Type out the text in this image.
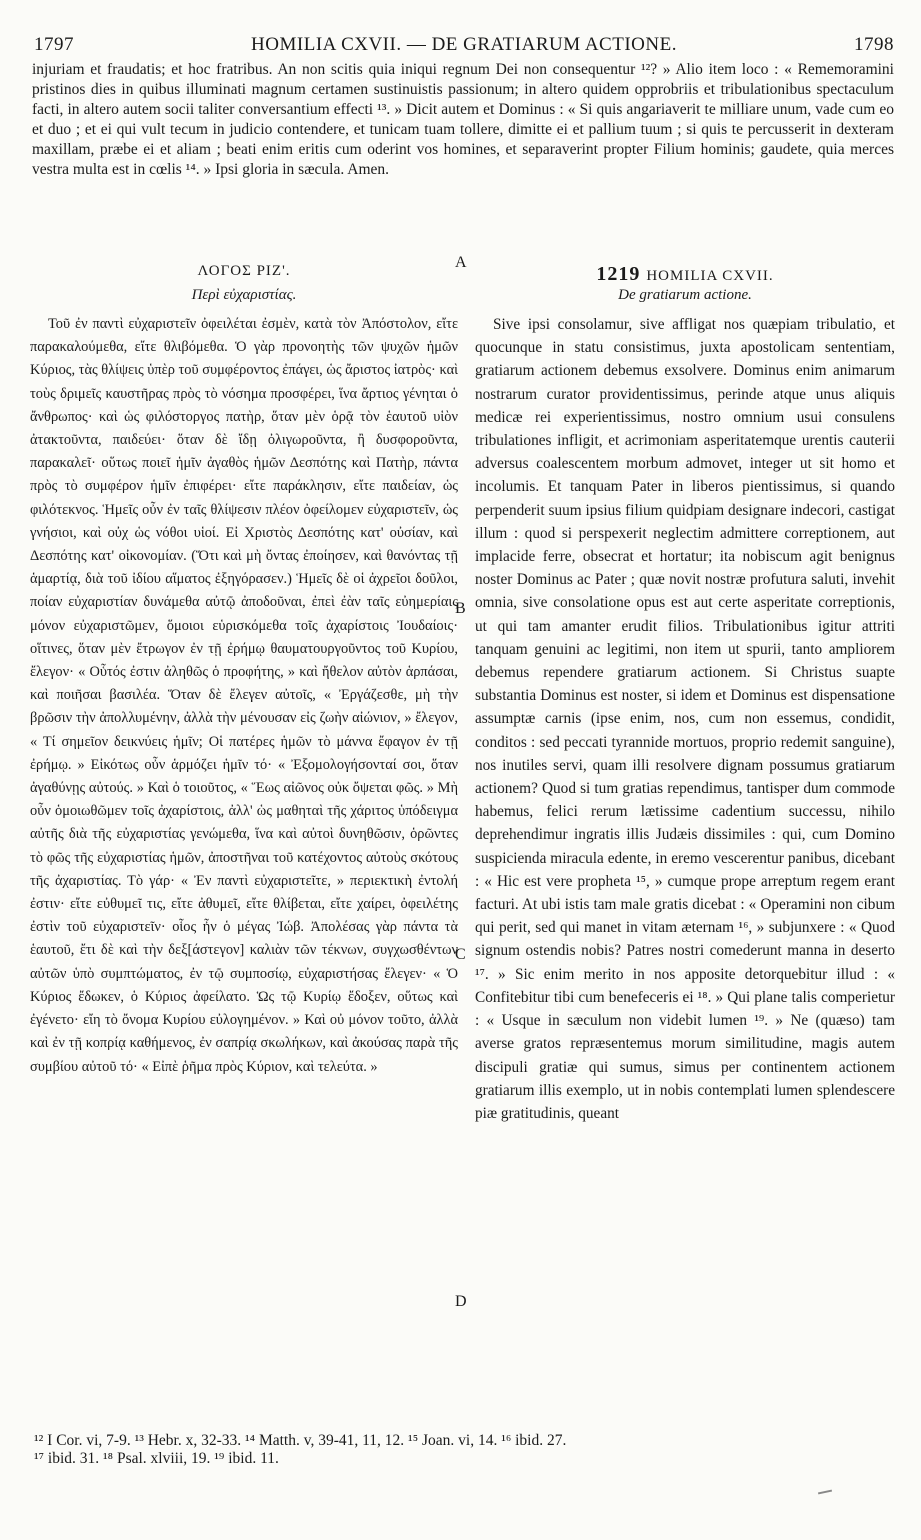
1797	HOMILIA CXVII. — DE GRATIARUM ACTIONE.	1798

injuriam et fraudatis; et hoc fratribus. An non scitis quia iniqui regnum Dei non consequentur ¹²? » Alio item loco : « Rememoramini pristinos dies in quibus illuminati magnum certamen sustinuistis passionum; in altero quidem opprobriis et tribulationibus spectaculum facti, in altero autem socii taliter conversantium effecti ¹³. » Dicit autem et Dominus : « Si quis angariaverit te milliare unum, vade cum eo et duo ; et ei qui vult tecum in judicio contendere, et tunicam tuam tollere, dimitte ei et pallium tuum ; si quis te percusserit in dexteram maxillam, præbe ei et aliam ; beati enim eritis cum oderint vos homines, et separaverint propter Filium hominis; gaudete, quia merces vestra multa est in cœlis ¹⁴. » Ipsi gloria in sæcula. Amen.

ΛΟΓΟΣ ΡΙΖ'.
Περὶ εὐχαριστίας.

Τοῦ ἐν παντὶ εὐχαριστεῖν ὀφειλέται ἐσμὲν, κατὰ τὸν Ἀπόστολον, εἴτε παρακαλούμεθα, εἴτε θλιβόμεθα. Ὁ γὰρ προνοητὴς τῶν ψυχῶν ἡμῶν Κύριος, τὰς θλίψεις ὑπὲρ τοῦ συμφέροντος ἐπάγει, ὡς ἄριστος ἰατρὸς· καὶ τοὺς δριμεῖς καυστῆρας πρὸς τὸ νόσημα προσφέρει, ἵνα ἄρτιος γένηται ὁ ἄνθρωπος· καὶ ὡς φιλόστοργος πατὴρ, ὅταν μὲν ὁρᾷ τὸν ἑαυτοῦ υἱὸν ἀτακτοῦντα, παιδεύει· ὅταν δὲ ἴδῃ ὀλιγωροῦντα, ἢ δυσφοροῦντα, παρακαλεῖ· οὕτως ποιεῖ ἡμῖν ἀγαθὸς ἡμῶν Δεσπότης καὶ Πατὴρ, πάντα πρὸς τὸ συμφέρον ἡμῖν ἐπιφέρει· εἴτε παράκλησιν, εἴτε παιδείαν, ὡς φιλότεκνος. Ἡμεῖς οὖν ἐν ταῖς θλίψεσιν πλέον ὀφείλομεν εὐχαριστεῖν, ὡς γνήσιοι, καὶ οὐχ ὡς νόθοι υἱοί. Εἰ Χριστὸς Δεσπότης κατ' οὐσίαν, καὶ Δεσπότης κατ' οἰκονομίαν. (Ὅτι καὶ μὴ ὄντας ἐποίησεν, καὶ θανόντας τῇ ἁμαρτίᾳ, διὰ τοῦ ἰδίου αἵματος ἐξηγόρασεν.) Ἡμεῖς δὲ οἱ ἀχρεῖοι δοῦλοι, ποίαν εὐχαριστίαν δυνάμεθα αὐτῷ ἀποδοῦναι, ἐπεὶ ἐὰν ταῖς εὐημερίαις μόνον εὐχαριστῶμεν, ὅμοιοι εὑρισκόμεθα τοῖς ἀχαρίστοις Ἰουδαίοις· οἵτινες, ὅταν μὲν ἔτρωγον ἐν τῇ ἐρήμῳ θαυματουργοῦντος τοῦ Κυρίου, ἔλεγον· « Οὗτός ἐστιν ἀληθῶς ὁ προφήτης, » καὶ ἤθελον αὐτὸν ἁρπάσαι, καὶ ποιῆσαι βασιλέα. Ὅταν δὲ ἔλεγεν αὐτοῖς, « Ἐργάζεσθε, μὴ τὴν βρῶσιν τὴν ἀπολλυμένην, ἀλλὰ τὴν μένουσαν εἰς ζωὴν αἰώνιον, » ἔλεγον, « Τί σημεῖον δεικνύεις ἡμῖν; Οἱ πατέρες ἡμῶν τὸ μάννα ἔφαγον ἐν τῇ ἐρήμῳ. » Εἰκότως οὖν ἁρμόζει ἡμῖν τό· « Ἐξομολογήσονταί σοι, ὅταν ἀγαθύνῃς αὐτούς. » Καὶ ὁ τοιοῦτος, « Ἕως αἰῶνος οὐκ ὄψεται φῶς. » Μὴ οὖν ὁμοιωθῶμεν τοῖς ἀχαρίστοις, ἀλλ' ὡς μαθηταὶ τῆς χάριτος ὑπόδειγμα αὐτῆς διὰ τῆς εὐχαριστίας γενώμεθα, ἵνα καὶ αὐτοὶ δυνηθῶσιν, ὁρῶντες τὸ φῶς τῆς εὐχαριστίας ἡμῶν, ἀποστῆναι τοῦ κατέχοντος αὐτοὺς σκότους τῆς ἀχαριστίας. Τὸ γάρ· « Ἐν παντὶ εὐχαριστεῖτε, » περιεκτικὴ ἐντολή ἐστιν· εἴτε εὐθυμεῖ τις, εἴτε ἀθυμεῖ, εἴτε θλίβεται, εἴτε χαίρει, ὀφειλέτης ἐστὶν τοῦ εὐχαριστεῖν· οἷος ἦν ὁ μέγας Ἰώβ. Ἀπολέσας γὰρ πάντα τὰ ἑαυτοῦ, ἔτι δὲ καὶ τὴν δεξ[άστεγον] καλιὰν τῶν τέκνων, συγχωσθέντων αὐτῶν ὑπὸ συμπτώματος, ἐν τῷ συμποσίῳ, εὐχαριστήσας ἔλεγεν· « Ὁ Κύριος ἔδωκεν, ὁ Κύριος ἀφείλατο. Ὡς τῷ Κυρίῳ ἔδοξεν, οὕτως καὶ ἐγένετο· εἴη τὸ ὄνομα Κυρίου εὐλογημένον. » Καὶ οὐ μόνον τοῦτο, ἀλλὰ καὶ ἐν τῇ κοπρίᾳ καθήμενος, ἐν σαπρίᾳ σκωλήκων, καὶ ἀκούσας παρὰ τῆς συμβίου αὐτοῦ τό· « Εἰπὲ ῥῆμα πρὸς Κύριον, καὶ τελεύτα. »

1219 HOMILIA CXVII.
De gratiarum actione.

Sive ipsi consolamur, sive affligat nos quæpiam tribulatio, et quocunque in statu consistimus, juxta apostolicam sententiam, gratiarum actionem debemus exsolvere. Dominus enim animarum nostrarum curator providentissimus, perinde atque unus aliquis medicæ rei experientissimus, nostro omnium usui consulens tribulationes infligit, et acrimoniam asperitatemque urentis cauterii adversus coalescentem morbum admovet, integer ut sit homo et incolumis. Et tanquam Pater in liberos pientissimus, si quando perpenderit suum ipsius filium quidpiam designare indecori, castigat illum : quod si perspexerit neglectim admittere correptionem, aut implacide ferre, obsecrat et hortatur; ita nobiscum agit benignus noster Dominus ac Pater ; quæ novit nostræ profutura saluti, invehit omnia, sive consolatione opus est aut certe asperitate correptionis, ut qui tam amanter erudit filios. Tribulationibus igitur attriti tanquam genuini ac legitimi, non item ut spurii, tanto ampliorem debemus rependere gratiarum actionem. Si Christus suapte substantia Dominus est noster, si idem et Dominus est dispensatione assumptæ carnis (ipse enim, nos, cum non essemus, condidit, conditos : sed peccati tyrannide mortuos, proprio redemit sanguine), nos inutiles servi, quam illi resolvere dignam possumus gratiarum actionem? Quod si tum gratias rependimus, tantisper dum commode habemus, felici rerum lætissime cadentium successu, nihilo deprehendimur ingratis illis Judæis dissimiles : qui, cum Domino suspicienda miracula edente, in eremo vescerentur panibus, dicebant : « Hic est vere propheta ¹⁵, » cumque prope arreptum regem erant facturi. At ubi istis tam male gratis dicebat : « Operamini non cibum qui perit, sed qui manet in vitam æternam ¹⁶, » subjunxere : « Quod signum ostendis nobis? Patres nostri comederunt manna in deserto ¹⁷. » Sic enim merito in nos apposite detorquebitur illud : « Confitebitur tibi cum benefeceris ei ¹⁸. » Qui plane talis comperietur : « Usque in sæculum non videbit lumen ¹⁹. » Ne (quæso) tam averse gratos repræsentemus morum similitudine, magis autem discipuli gratiæ qui sumus, simus per continentem actionem gratiarum illis exemplo, ut in nobis contemplati lumen splendescere piæ gratitudinis, queant

A
B
C
D

¹² I Cor. vi, 7-9. ¹³ Hebr. x, 32-33. ¹⁴ Matth. v, 39-41, 11, 12. ¹⁵ Joan. vi, 14. ¹⁶ ibid. 27.

¹⁷ ibid. 31. ¹⁸ Psal. xlviii, 19. ¹⁹ ibid. 11.
